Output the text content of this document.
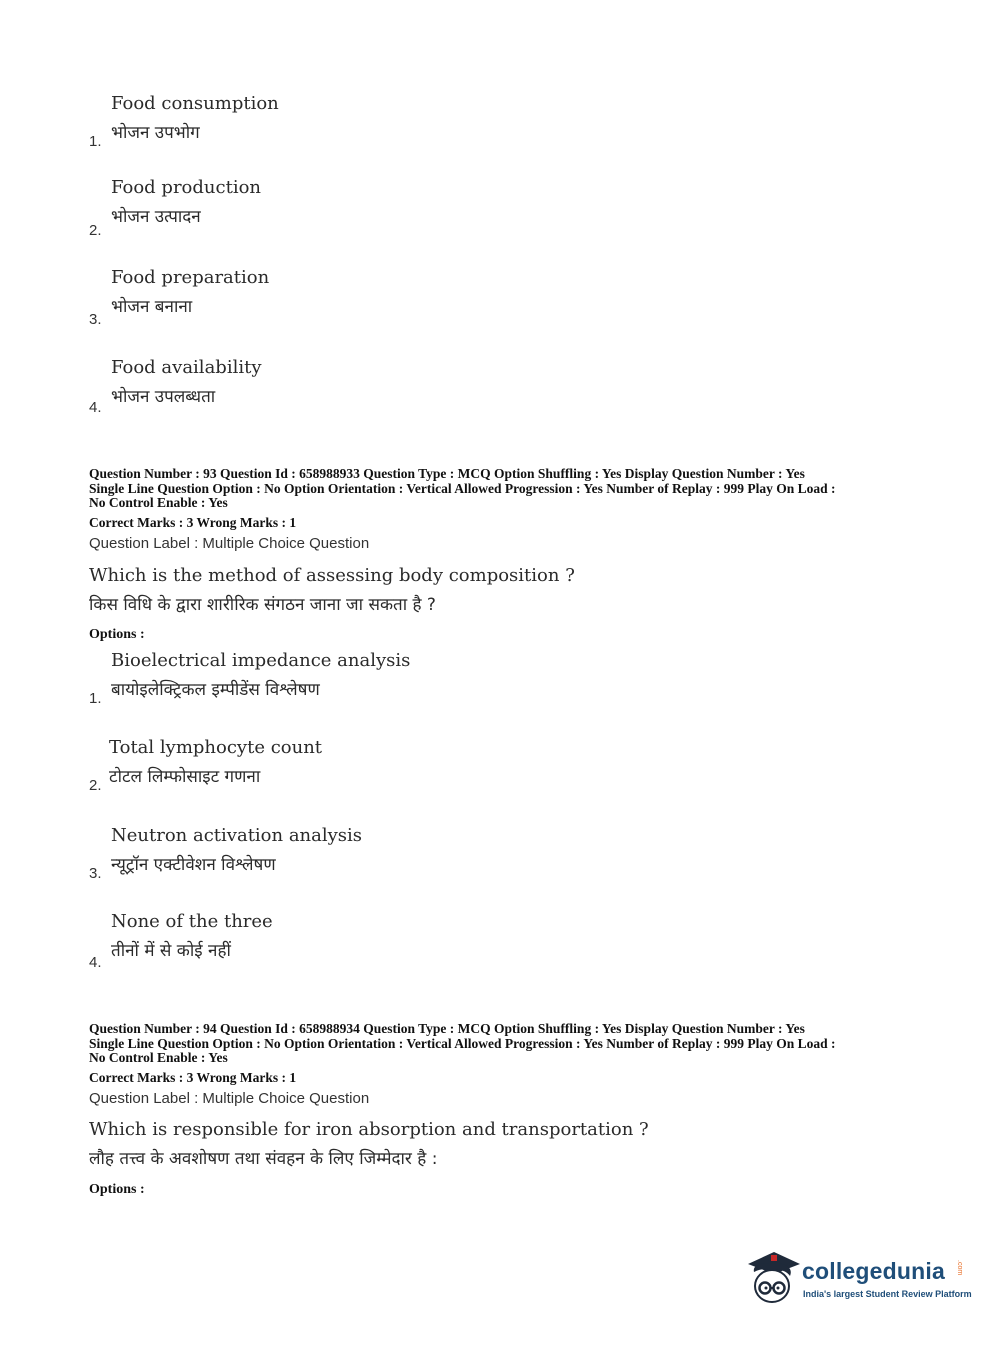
Food consumption
भोजन उपभोग
1.
Food production
भोजन उत्पादन
2.
Food preparation
भोजन बनाना
3.
Food availability
भोजन उपलब्धता
4.
Question Number : 93 Question Id : 658988933 Question Type : MCQ Option Shuffling : Yes Display Question Number : Yes
Single Line Question Option : No Option Orientation : Vertical Allowed Progression : Yes Number of Replay : 999 Play On Load :
No Control Enable : Yes
Correct Marks : 3 Wrong Marks : 1
Question Label : Multiple Choice Question
Which is the method of assessing body composition ?
किस विधि के द्वारा शारीरिक संगठन जाना जा सकता है ?
Options :
Bioelectrical impedance analysis
बायोइलेक्ट्रिकल इम्पीडेंस विश्लेषण
1.
Total lymphocyte count
टोटल लिम्फोसाइट गणना
2.
Neutron activation analysis
न्यूट्रॉन एक्टीवेशन विश्लेषण
3.
None of the three
तीनों में से कोई नहीं
4.
Question Number : 94 Question Id : 658988934 Question Type : MCQ Option Shuffling : Yes Display Question Number : Yes
Single Line Question Option : No Option Orientation : Vertical Allowed Progression : Yes Number of Replay : 999 Play On Load :
No Control Enable : Yes
Correct Marks : 3 Wrong Marks : 1
Question Label : Multiple Choice Question
Which is responsible for iron absorption and transportation ?
लौह तत्त्व के अवशोषण तथा संवहन के लिए जिम्मेदार है :
Options :
collegedunia .com
India's largest Student Review Platform
